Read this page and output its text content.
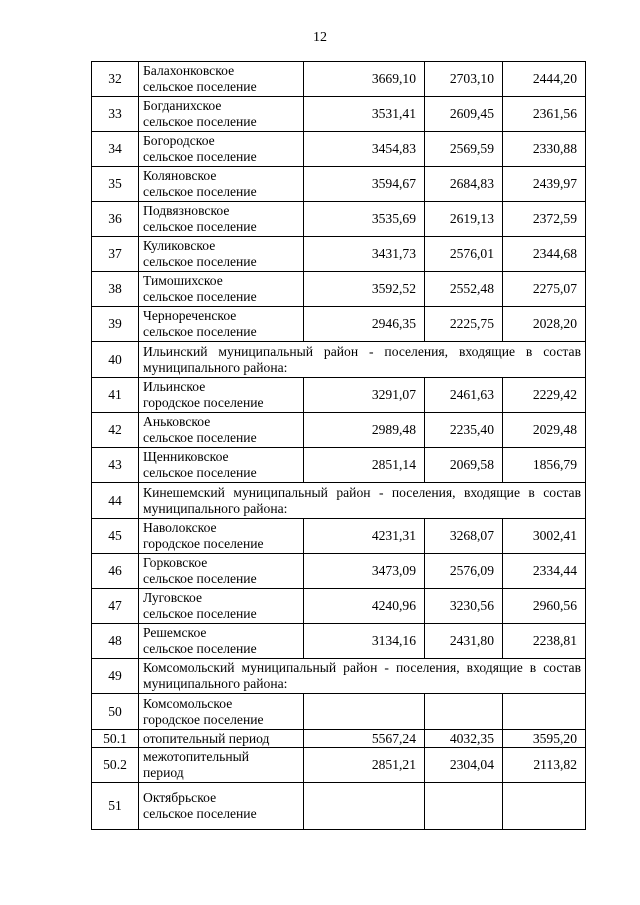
12
32	Балахонковское
сельское поселение	3669,10	2703,10	2444,20
33	Богданихское
сельское поселение	3531,41	2609,45	2361,56
34	Богородское
сельское поселение	3454,83	2569,59	2330,88
35	Коляновское
сельское поселение	3594,67	2684,83	2439,97
36	Подвязновское
сельское поселение	3535,69	2619,13	2372,59
37	Куликовское
сельское поселение	3431,73	2576,01	2344,68
38	Тимошихское
сельское поселение	3592,52	2552,48	2275,07
39	Чернореченское
сельское поселение	2946,35	2225,75	2028,20
40	Ильинский муниципальный район - поселения, входящие в состав муниципального района:			
41	Ильинское
городское поселение	3291,07	2461,63	2229,42
42	Аньковское
сельское поселение	2989,48	2235,40	2029,48
43	Щенниковское
сельское поселение	2851,14	2069,58	1856,79
44	Кинешемский муниципальный район - поселения, входящие в состав муниципального района:			
45	Наволокское
городское поселение	4231,31	3268,07	3002,41
46	Горковское
сельское поселение	3473,09	2576,09	2334,44
47	Луговское
сельское поселение	4240,96	3230,56	2960,56
48	Решемское
сельское поселение	3134,16	2431,80	2238,81
49	Комсомольский муниципальный район - поселения, входящие в состав муниципального района:			
50	Комсомольское
городское поселение			

50.1	отопительный период	5567,24	4032,35	3595,20
50.2	межотопительный
период	2851,21	2304,04	2113,82
51	Октябрьское
сельское поселение			
